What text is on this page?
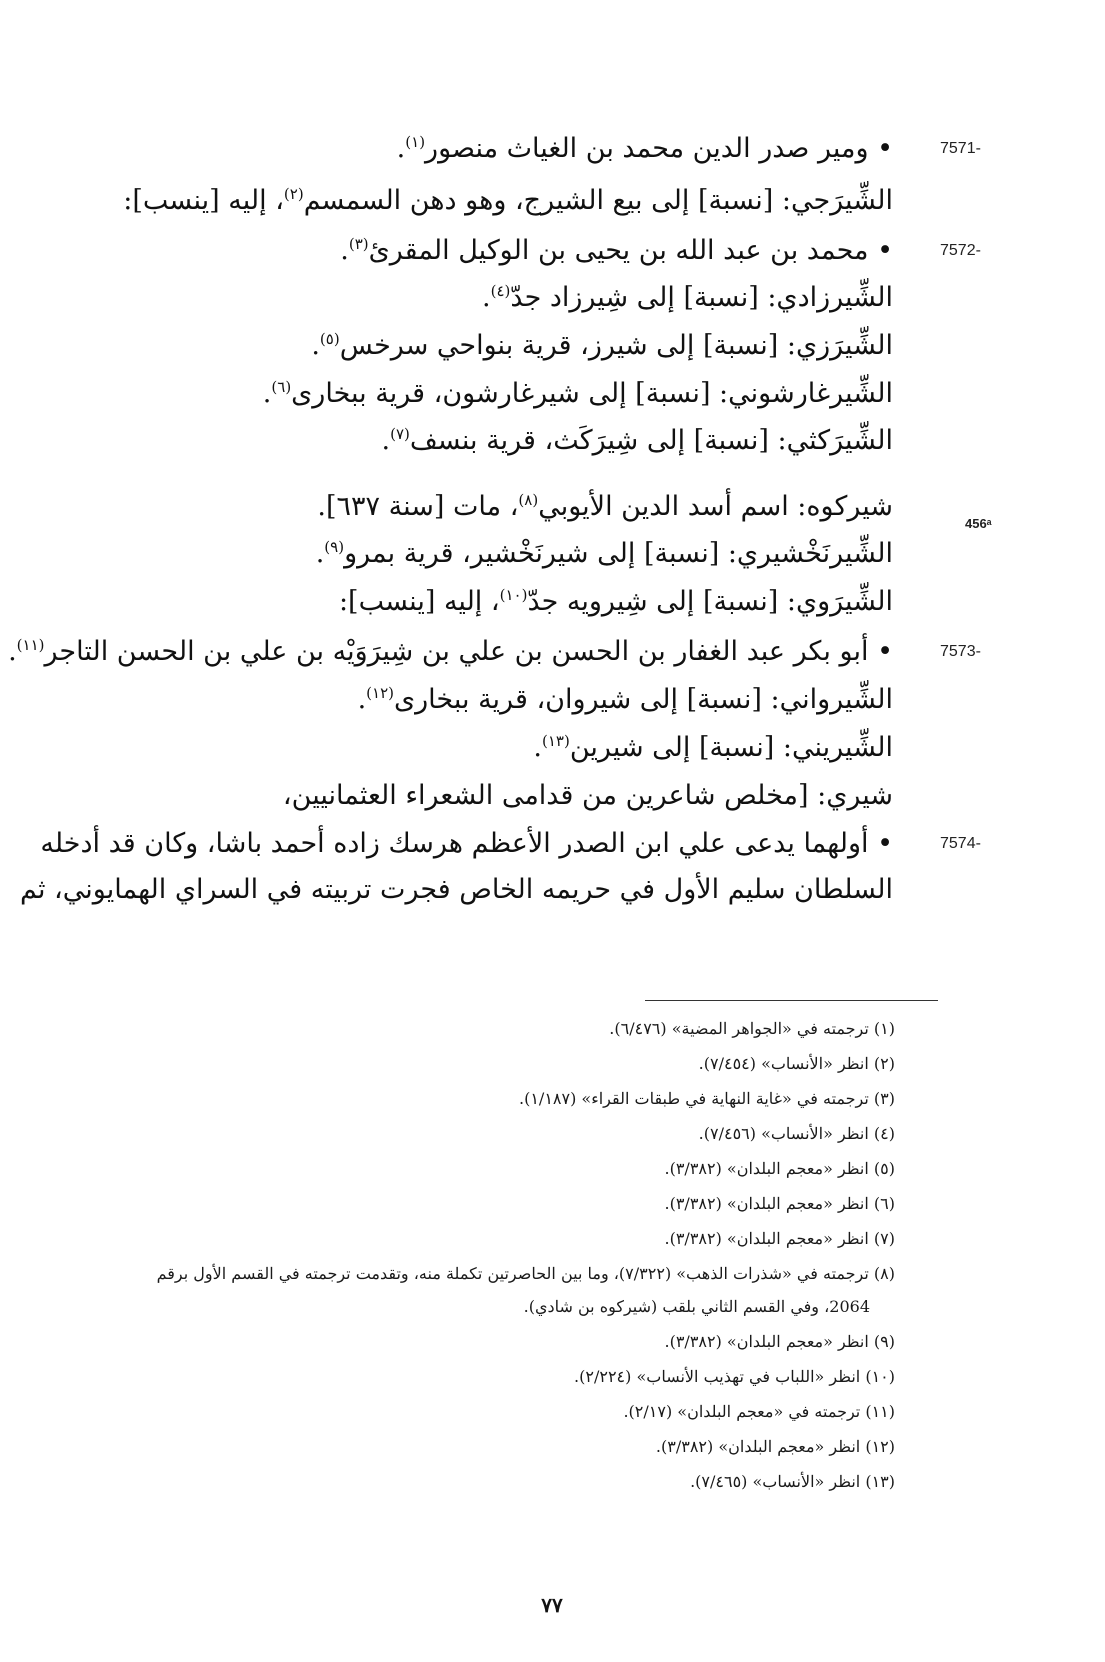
7571-
• ومير صدر الدين محمد بن الغياث منصور$^{(١)}$.
الشِّيرَجي: [نسبة] إلى بيع الشيرج، وهو دهن السمسم$^{(٢)}$، إليه [ينسب]:
7572-
• محمد بن عبد الله بن يحيى بن الوكيل المقرئ$^{(٣)}$.
الشِّيرزادي: [نسبة] إلى شِيرزاد جدّ$^{(٤)}$.
الشِّيرَزي: [نسبة] إلى شيرز، قرية بنواحي سرخس$^{(٥)}$.
الشِّيرغارشوني: [نسبة] إلى شيرغارشون، قرية ببخارى$^{(٦)}$.
الشِّيرَكثي: [نسبة] إلى شِيرَكَث، قرية بنسف$^{(٧)}$.
456ᵃ
شيركوه: اسم أسد الدين الأيوبي$^{(٨)}$، مات [سنة ٦٣٧].
الشِّيرنَخْشيري: [نسبة] إلى شيرنَخْشير، قرية بمرو$^{(٩)}$.
الشِّيرَوي: [نسبة] إلى شِيرويه جدّ$^{(١٠)}$، إليه [ينسب]:
7573-
• أبو بكر عبد الغفار بن الحسن بن علي بن شِيرَوَيْه بن علي بن الحسن التاجر$^{(١١)}$.
الشِّيرواني: [نسبة] إلى شيروان، قرية ببخارى$^{(١٢)}$.
الشِّيريني: [نسبة] إلى شيرين$^{(١٣)}$.
شيري: [مخلص شاعرين من قدامى الشعراء العثمانيين،
7574-
• أولهما يدعى علي ابن الصدر الأعظم هرسك زاده أحمد باشا، وكان قد أدخله
السلطان سليم الأول في حريمه الخاص فجرت تربيته في السراي الهمايوني، ثم
(١) ترجمته في «الجواهر المضية» (٦/٤٧٦).
(٢) انظر «الأنساب» (٧/٤٥٤).
(٣) ترجمته في «غاية النهاية في طبقات القراء» (١/١٨٧).
(٤) انظر «الأنساب» (٧/٤٥٦).
(٥) انظر «معجم البلدان» (٣/٣٨٢).
(٦) انظر «معجم البلدان» (٣/٣٨٢).
(٧) انظر «معجم البلدان» (٣/٣٨٢).
(٨) ترجمته في «شذرات الذهب» (٧/٣٢٢)، وما بين الحاصرتين تكملة منه، وتقدمت ترجمته في القسم الأول برقم
2064، وفي القسم الثاني بلقب (شيركوه بن شادي).
(٩) انظر «معجم البلدان» (٣/٣٨٢).
(١٠) انظر «اللباب في تهذيب الأنساب» (٢/٢٢٤).
(١١) ترجمته في «معجم البلدان» (٢/١٧).
(١٢) انظر «معجم البلدان» (٣/٣٨٢).
(١٣) انظر «الأنساب» (٧/٤٦٥).
٧٧
